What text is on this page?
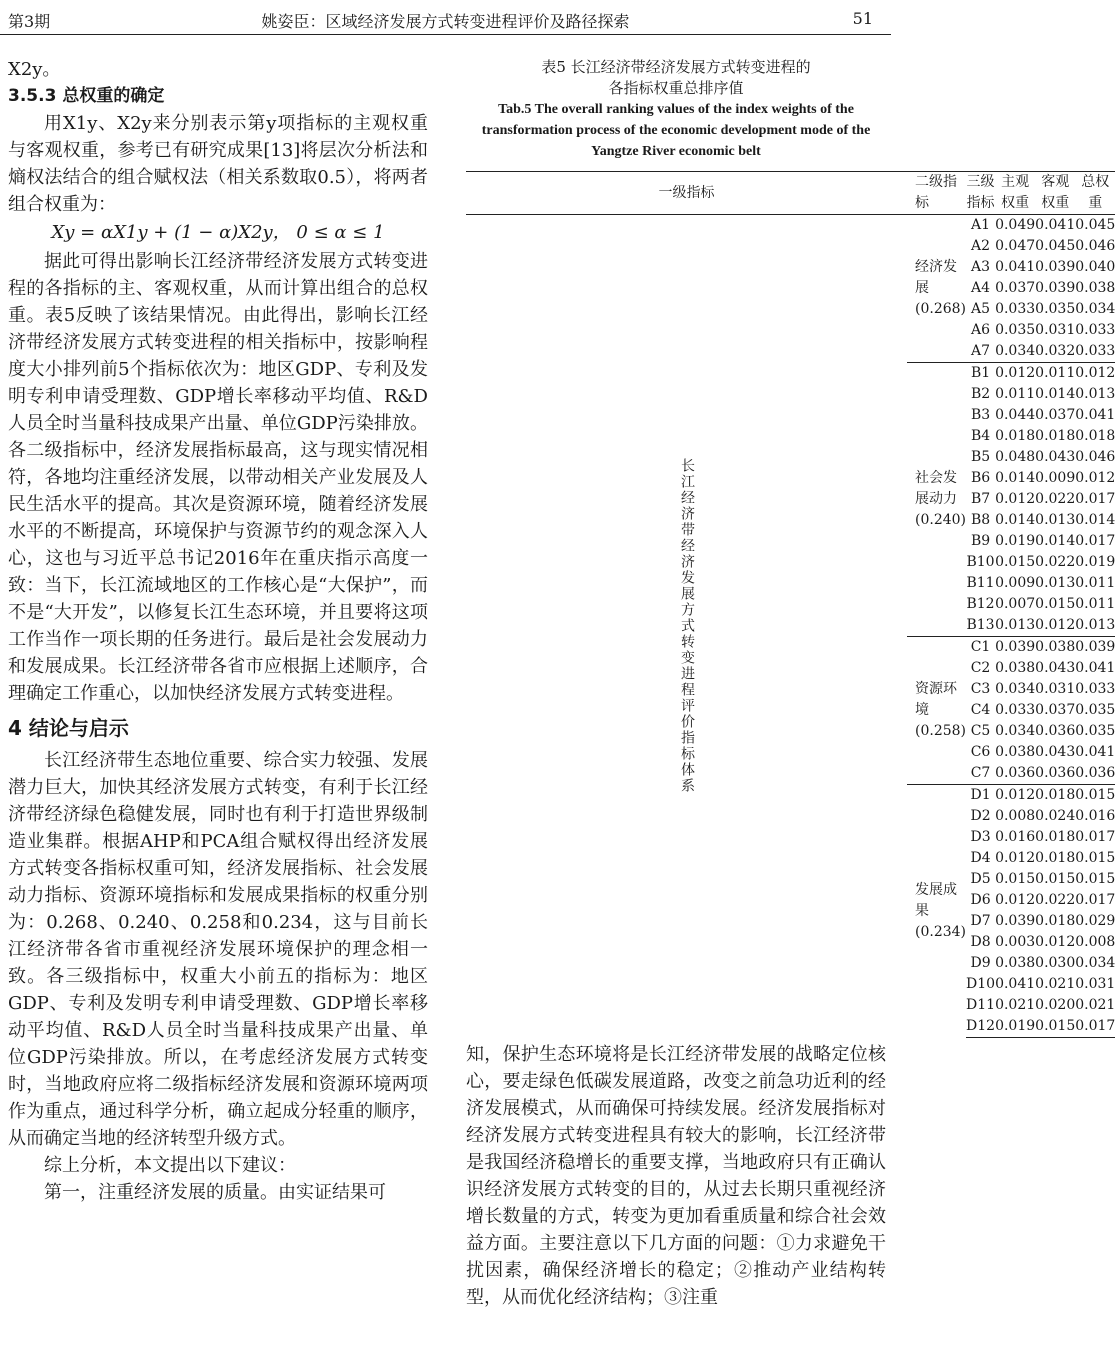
第3期	姚姿臣：区域经济发展方式转变进程评价及路径探索	51

X2y。

3.5.3 总权重的确定

用X1y、X2y来分别表示第y项指标的主观权重与客观权重，参考已有研究成果[13]将层次分析法和熵权法结合的组合赋权法（相关系数取0.5），将两者组合权重为：

Xy = αX1y + (1 − α)X2y， 0 ≤ α ≤ 1

据此可得出影响长江经济带经济发展方式转变进程的各指标的主、客观权重，从而计算出组合的总权重。表5反映了该结果情况。由此得出，影响长江经济带经济发展方式转变进程的相关指标中，按影响程度大小排列前5个指标依次为：地区GDP、专利及发明专利申请受理数、GDP增长率移动平均值、R&D人员全时当量科技成果产出量、单位GDP污染排放。各二级指标中，经济发展指标最高，这与现实情况相符，各地均注重经济发展，以带动相关产业发展及人民生活水平的提高。其次是资源环境，随着经济发展水平的不断提高，环境保护与资源节约的观念深入人心，这也与习近平总书记2016年在重庆指示高度一致：当下，长江流域地区的工作核心是“大保护”，而不是“大开发”，以修复长江生态环境，并且要将这项工作当作一项长期的任务进行。最后是社会发展动力和发展成果。长江经济带各省市应根据上述顺序，合理确定工作重心，以加快经济发展方式转变进程。

4 结论与启示

长江经济带生态地位重要、综合实力较强、发展潜力巨大，加快其经济发展方式转变，有利于长江经济带经济绿色稳健发展，同时也有利于打造世界级制造业集群。根据AHP和PCA组合赋权得出经济发展方式转变各指标权重可知，经济发展指标、社会发展动力指标、资源环境指标和发展成果指标的权重分别为：0.268、0.240、0.258和0.234，这与目前长江经济带各省市重视经济发展环境保护的理念相一致。各三级指标中，权重大小前五的指标为：地区GDP、专利及发明专利申请受理数、GDP增长率移动平均值、R&D人员全时当量科技成果产出量、单位GDP污染排放。所以，在考虑经济发展方式转变时，当地政府应将二级指标经济发展和资源环境两项作为重点，通过科学分析，确立起成分轻重的顺序，从而确定当地的经济转型升级方式。

综上分析，本文提出以下建议：

第一，注重经济发展的质量。由实证结果可

表5 长江经济带经济发展方式转变进程的
各指标权重总排序值
Tab.5 The overall ranking values of the index weights of the transformation process of the economic development mode of the Yangtze River economic belt
一级指标	二级指标	三级指标	主观权重	客观权重	总权重

长江经济带经济发展方式转变进程评价指标体系	经济发展
(0.268)	A1	0.049	0.041	0.045
		A2	0.047	0.045	0.046
		A3	0.041	0.039	0.040
		A4	0.037	0.039	0.038
		A5	0.033	0.035	0.034
		A6	0.035	0.031	0.033
		A7	0.034	0.032	0.033

	社会发展动力
(0.240)	B1	0.012	0.011	0.012
		B2	0.011	0.014	0.013
		B3	0.044	0.037	0.041
		B4	0.018	0.018	0.018
		B5	0.048	0.043	0.046
		B6	0.014	0.009	0.012
		B7	0.012	0.022	0.017
		B8	0.014	0.013	0.014
		B9	0.019	0.014	0.017
		B10	0.015	0.022	0.019
		B11	0.009	0.013	0.011
		B12	0.007	0.015	0.011
		B13	0.013	0.012	0.013

	资源环境
(0.258)	C1	0.039	0.038	0.039
		C2	0.038	0.043	0.041
		C3	0.034	0.031	0.033
		C4	0.033	0.037	0.035
		C5	0.034	0.036	0.035
		C6	0.038	0.043	0.041
		C7	0.036	0.036	0.036

	发展成果
(0.234)	D1	0.012	0.018	0.015
		D2	0.008	0.024	0.016
		D3	0.016	0.018	0.017
		D4	0.012	0.018	0.015
		D5	0.015	0.015	0.015
		D6	0.012	0.022	0.017
		D7	0.039	0.018	0.029
		D8	0.003	0.012	0.008
		D9	0.038	0.030	0.034
		D10	0.041	0.021	0.031
		D11	0.021	0.020	0.021
		D12	0.019	0.015	0.017

知，保护生态环境将是长江经济带发展的战略定位核心，要走绿色低碳发展道路，改变之前急功近利的经济发展模式，从而确保可持续发展。经济发展指标对经济发展方式转变进程具有较大的影响，长江经济带是我国经济稳增长的重要支撑，当地政府只有正确认识经济发展方式转变的目的，从过去长期只重视经济增长数量的方式，转变为更加看重质量和综合社会效益方面。主要注意以下几方面的问题：①力求避免干扰因素，确保经济增长的稳定；②推动产业结构转型，从而优化经济结构；③注重
